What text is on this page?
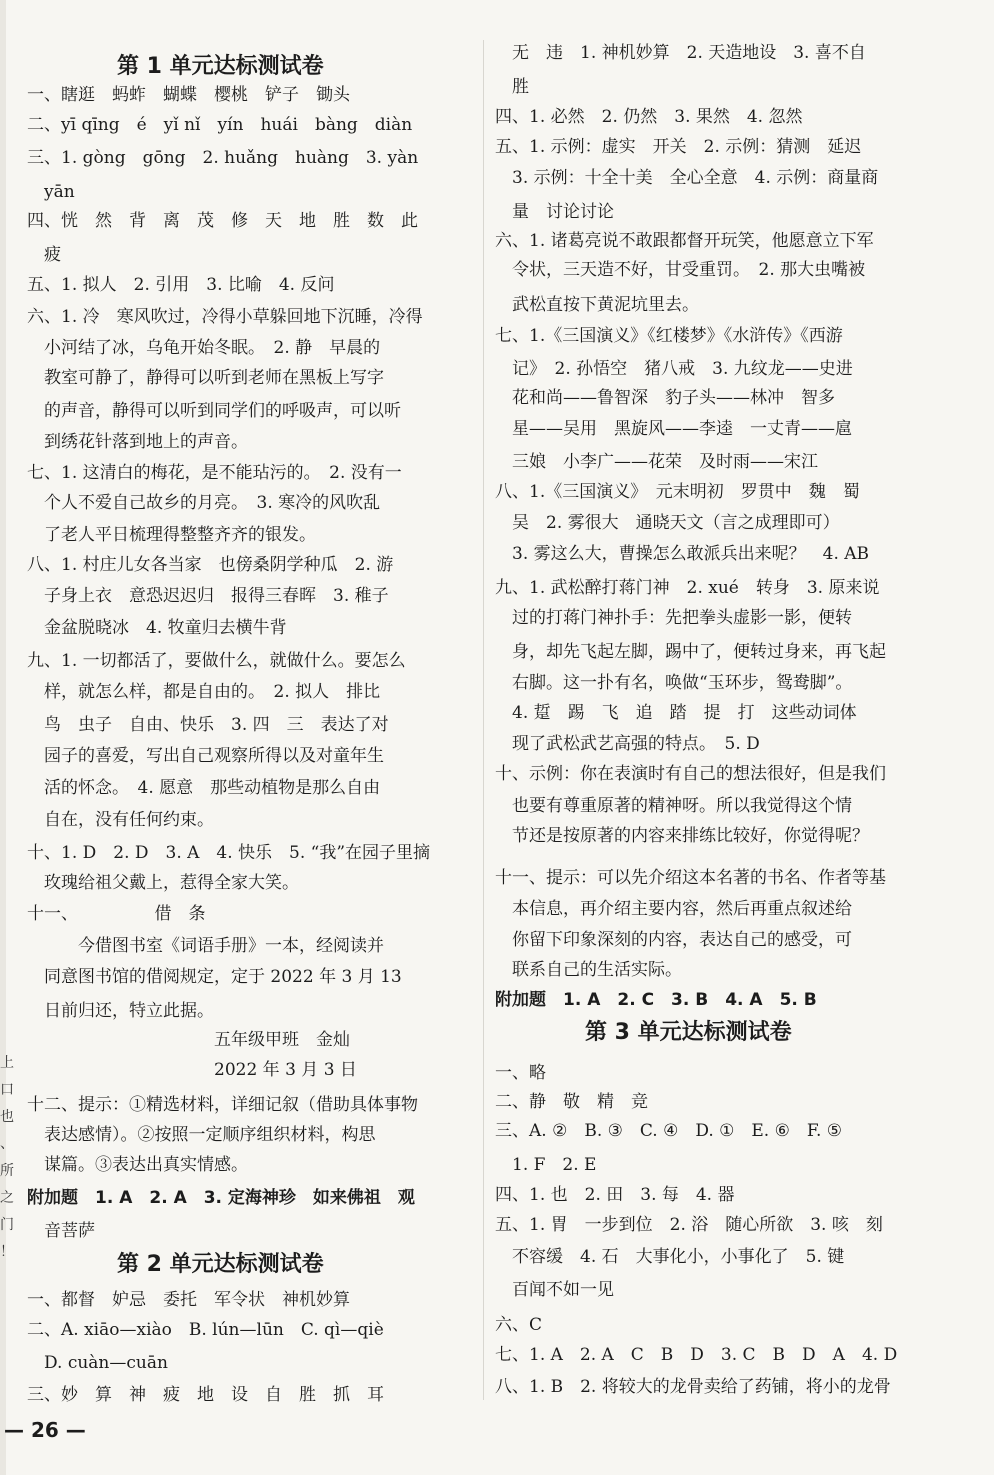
上
口
也
、
所
之
门
！
第 1 单元达标测试卷
一、瞎逛　蚂蚱　蝴蝶　樱桃　铲子　锄头
二、yī qīng　é　yǐ nǐ　yín　huái　bàng　diàn
三、1. gòng　gōng　2. huǎng　huàng　3. yàn
　yān
四、恍　然　背　离　茂　修　天　地　胜　数　此
　疲
五、1. 拟人　2. 引用　3. 比喻　4. 反问
六、1. 冷　寒风吹过，冷得小草躲回地下沉睡，冷得
　小河结了冰，乌龟开始冬眠。　2. 静　早晨的
　教室可静了，静得可以听到老师在黑板上写字
　的声音，静得可以听到同学们的呼吸声，可以听
　到绣花针落到地上的声音。
七、1. 这清白的梅花，是不能玷污的。　2. 没有一
　个人不爱自己故乡的月亮。　3. 寒冷的风吹乱
　了老人平日梳理得整整齐齐的银发。
八、1. 村庄儿女各当家　也傍桑阴学种瓜　2. 游
　子身上衣　意恐迟迟归　报得三春晖　3. 稚子
　金盆脱晓冰　4. 牧童归去横牛背
九、1. 一切都活了，要做什么，就做什么。要怎么
　样，就怎么样，都是自由的。　2. 拟人　排比
　鸟　虫子　自由、快乐　3. 四　三　表达了对
　园子的喜爱，写出自己观察所得以及对童年生
　活的怀念。　4. 愿意　那些动植物是那么自由
　自在，没有任何约束。
十、1. D　2. D　3. A　4. 快乐　5. “我”在园子里摘
　玫瑰给祖父戴上，惹得全家大笑。
十一、　　　　　借　条
　　　今借图书室《词语手册》一本，经阅读并
　同意图书馆的借阅规定，定于 2022 年 3 月 13
　日前归还，特立此据。
　　　　　　　　　　　五年级甲班　金灿
　　　　　　　　　　　2022 年 3 月 3 日
十二、提示：①精选材料，详细记叙（借助具体事物
　表达感情）。②按照一定顺序组织材料，构思
　谋篇。③表达出真实情感。
附加题　1. A　2. A　3. 定海神珍　如来佛祖　观
　音菩萨
第 2 单元达标测试卷
一、都督　妒忌　委托　军令状　神机妙算
二、A. xiāo—xiào　B. lún—lūn　C. qì—qiè
　D. cuàn—cuān
三、妙　算　神　疲　地　设　自　胜　抓　耳
　无　违　1. 神机妙算　2. 天造地设　3. 喜不自
　胜
四、1. 必然　2. 仍然　3. 果然　4. 忽然
五、1. 示例：虚实　开关　2. 示例：猜测　延迟
　3. 示例：十全十美　全心全意　4. 示例：商量商
　量　讨论讨论
六、1. 诸葛亮说不敢跟都督开玩笑，他愿意立下军
　令状，三天造不好，甘受重罚。　2. 那大虫嘴被
　武松直按下黄泥坑里去。
七、1.《三国演义》《红楼梦》《水浒传》《西游
　记》　2. 孙悟空　猪八戒　3. 九纹龙——史进
　花和尚——鲁智深　豹子头——林冲　智多
　星——吴用　黑旋风——李逵　一丈青——扈
　三娘　小李广——花荣　及时雨——宋江
八、1.《三国演义》　元末明初　罗贯中　魏　蜀
　吴　2. 雾很大　通晓天文（言之成理即可）
　3. 雾这么大，曹操怎么敢派兵出来呢？　4. AB
九、1. 武松醉打蒋门神　2. xué　转身　3. 原来说
　过的打蒋门神扑手：先把拳头虚影一影，便转
　身，却先飞起左脚，踢中了，便转过身来，再飞起
　右脚。这一扑有名，唤做“玉环步，鸳鸯脚”。
　4. 踅　踢　飞　追　踏　提　打　这些动词体
　现了武松武艺高强的特点。　5. D
十、示例：你在表演时有自己的想法很好，但是我们
　也要有尊重原著的精神呀。所以我觉得这个情
　节还是按原著的内容来排练比较好，你觉得呢？
十一、提示：可以先介绍这本名著的书名、作者等基
　本信息，再介绍主要内容，然后再重点叙述给
　你留下印象深刻的内容，表达自己的感受，可
　联系自己的生活实际。
附加题　1. A　2. C　3. B　4. A　5. B
第 3 单元达标测试卷
一、略
二、静　敬　精　竞
三、A. ②　B. ③　C. ④　D. ①　E. ⑥　F. ⑤
　1. F　2. E
四、1. 也　2. 田　3. 每　4. 器
五、1. 胃　一步到位　2. 浴　随心所欲　3. 咳　刻
　不容缓　4. 石　大事化小，小事化了　5. 键
　百闻不如一见
六、C
七、1. A　2. A　C　B　D　3. C　B　D　A　4. D
八、1. B　2. 将较大的龙骨卖给了药铺，将小的龙骨
— 26 —
